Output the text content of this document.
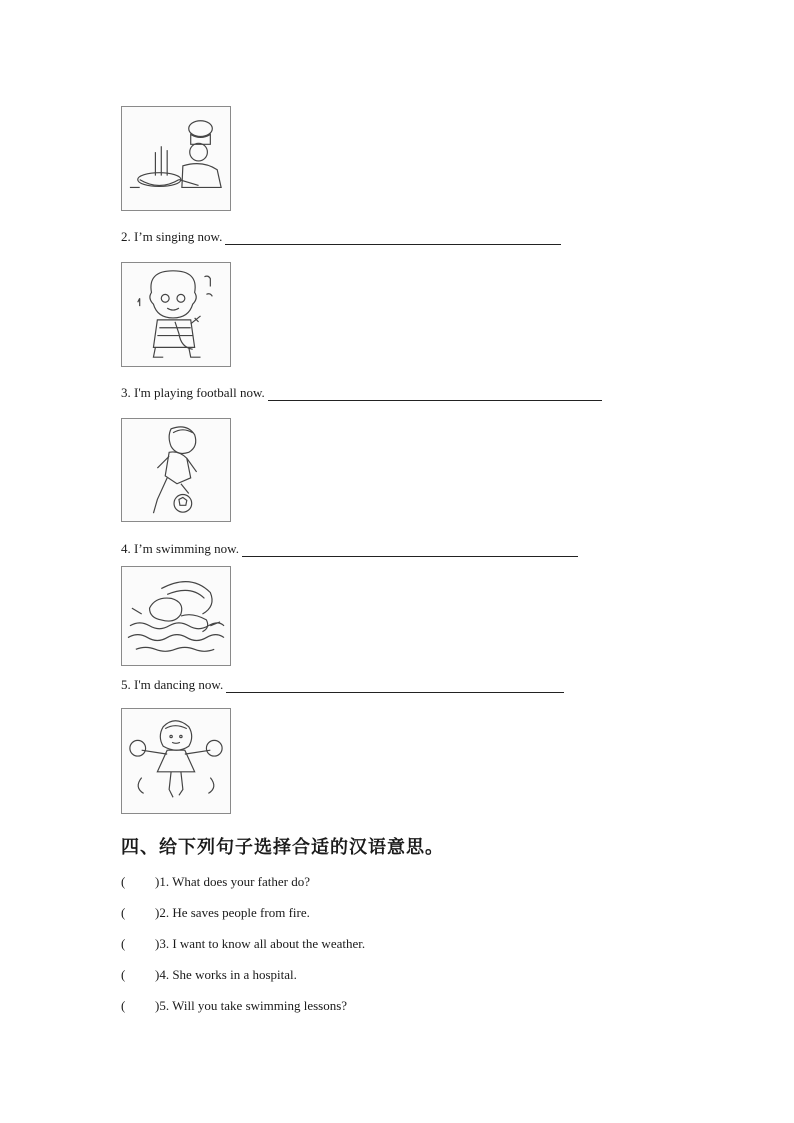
2. I’m singing now.
3. I'm playing football now.
4. I’m swimming now.
5. I'm dancing now.
四、给下列句子选择合适的汉语意思。
( )1. What does your father do?
( )2. He saves people from fire.
( )3. I want to know all about the weather.
( )4. She works in a hospital.
( )5. Will you take swimming lessons?
